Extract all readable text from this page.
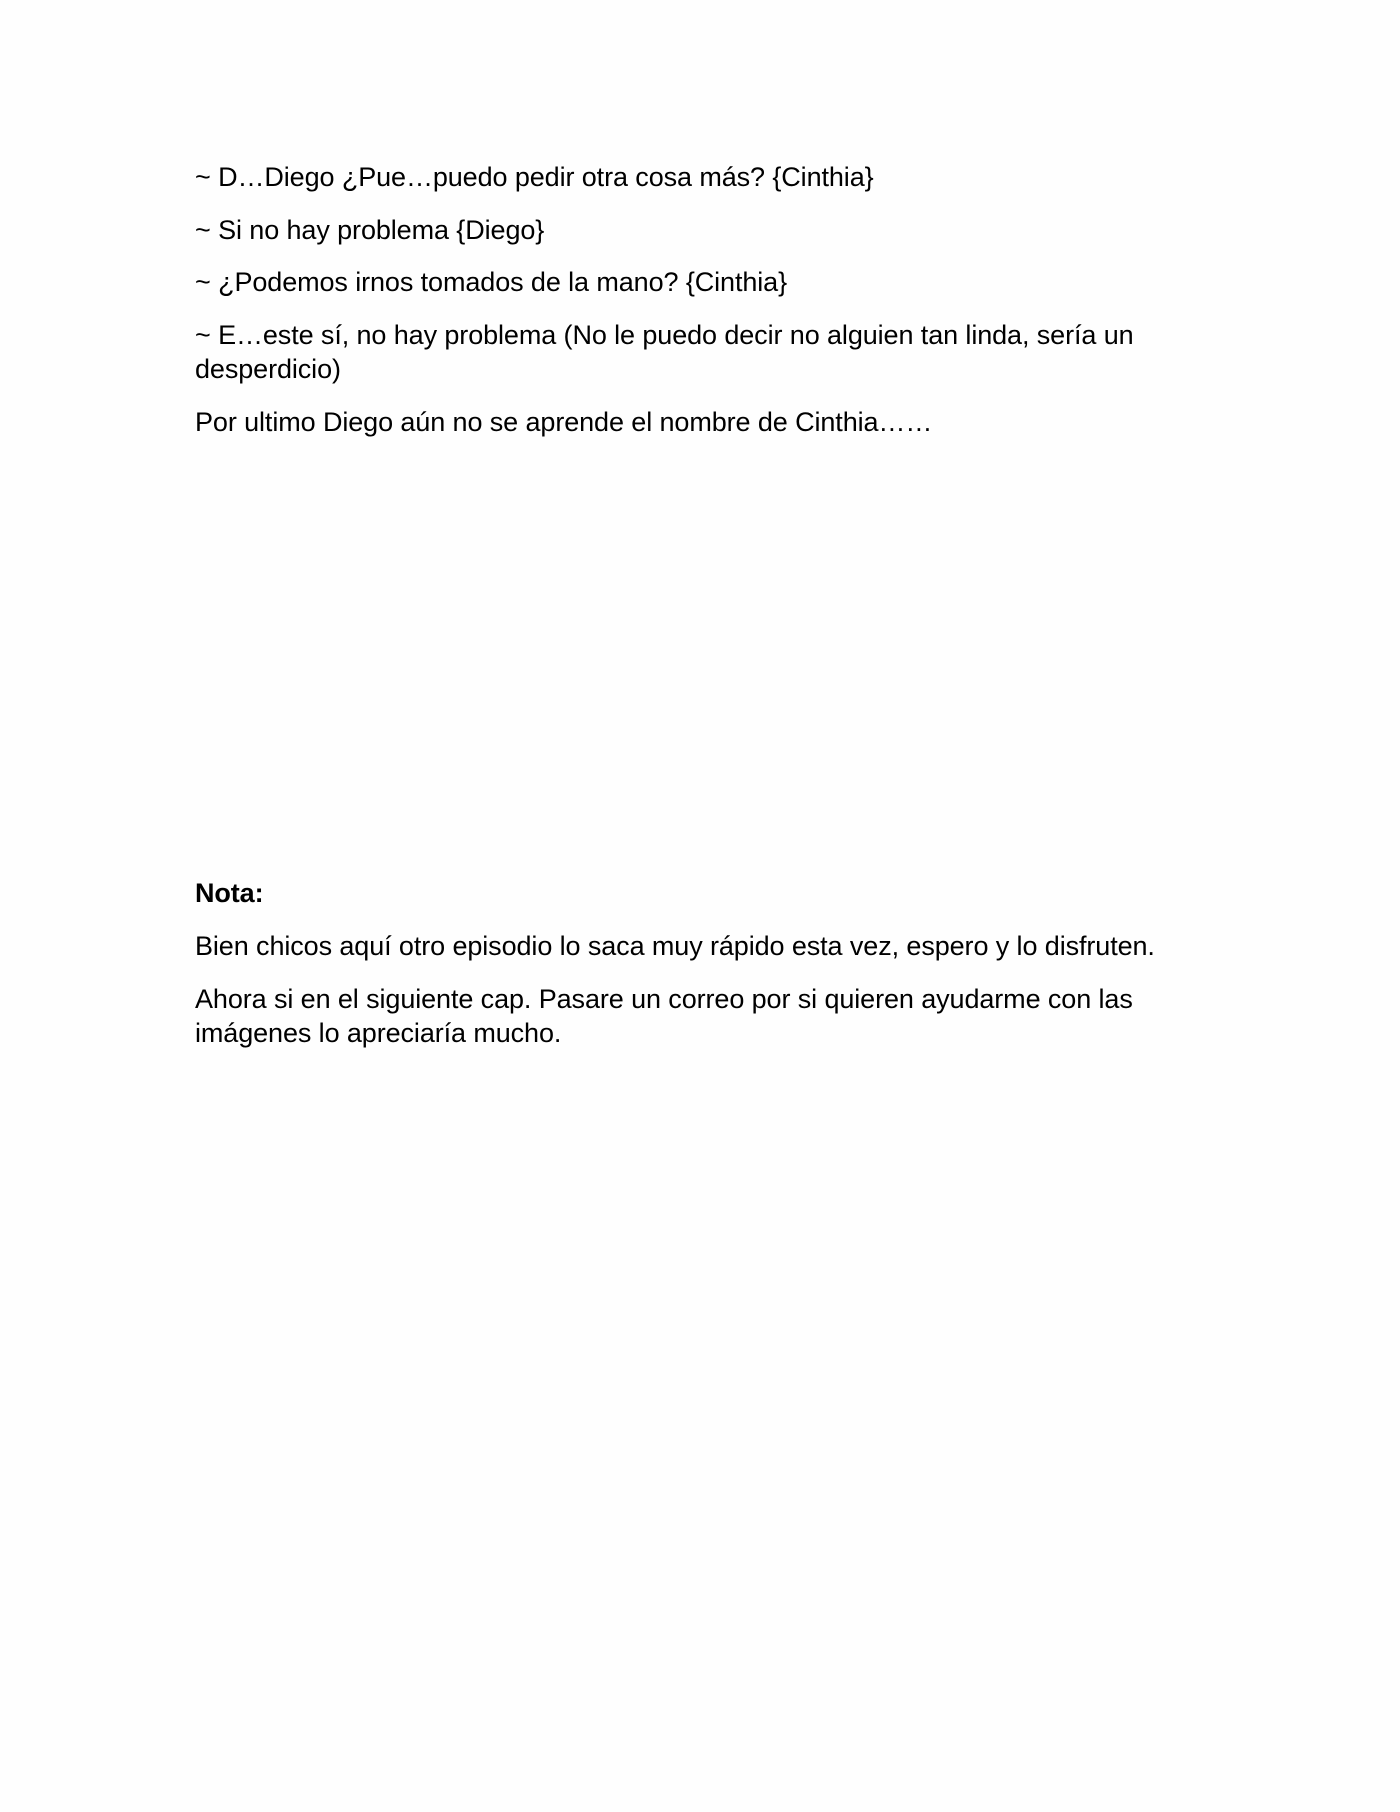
~ D…Diego ¿Pue…puedo pedir otra cosa más? {Cinthia}
~ Si no hay problema {Diego}
~ ¿Podemos irnos tomados de la mano? {Cinthia}
~ E…este sí, no hay problema (No le puedo decir no alguien tan linda, sería un desperdicio)
Por ultimo Diego aún no se aprende el nombre de Cinthia……
Nota:
Bien chicos aquí otro episodio lo saca muy rápido esta vez, espero y lo disfruten.
Ahora si en el siguiente cap. Pasare un correo por si quieren ayudarme con las imágenes lo apreciaría mucho.
